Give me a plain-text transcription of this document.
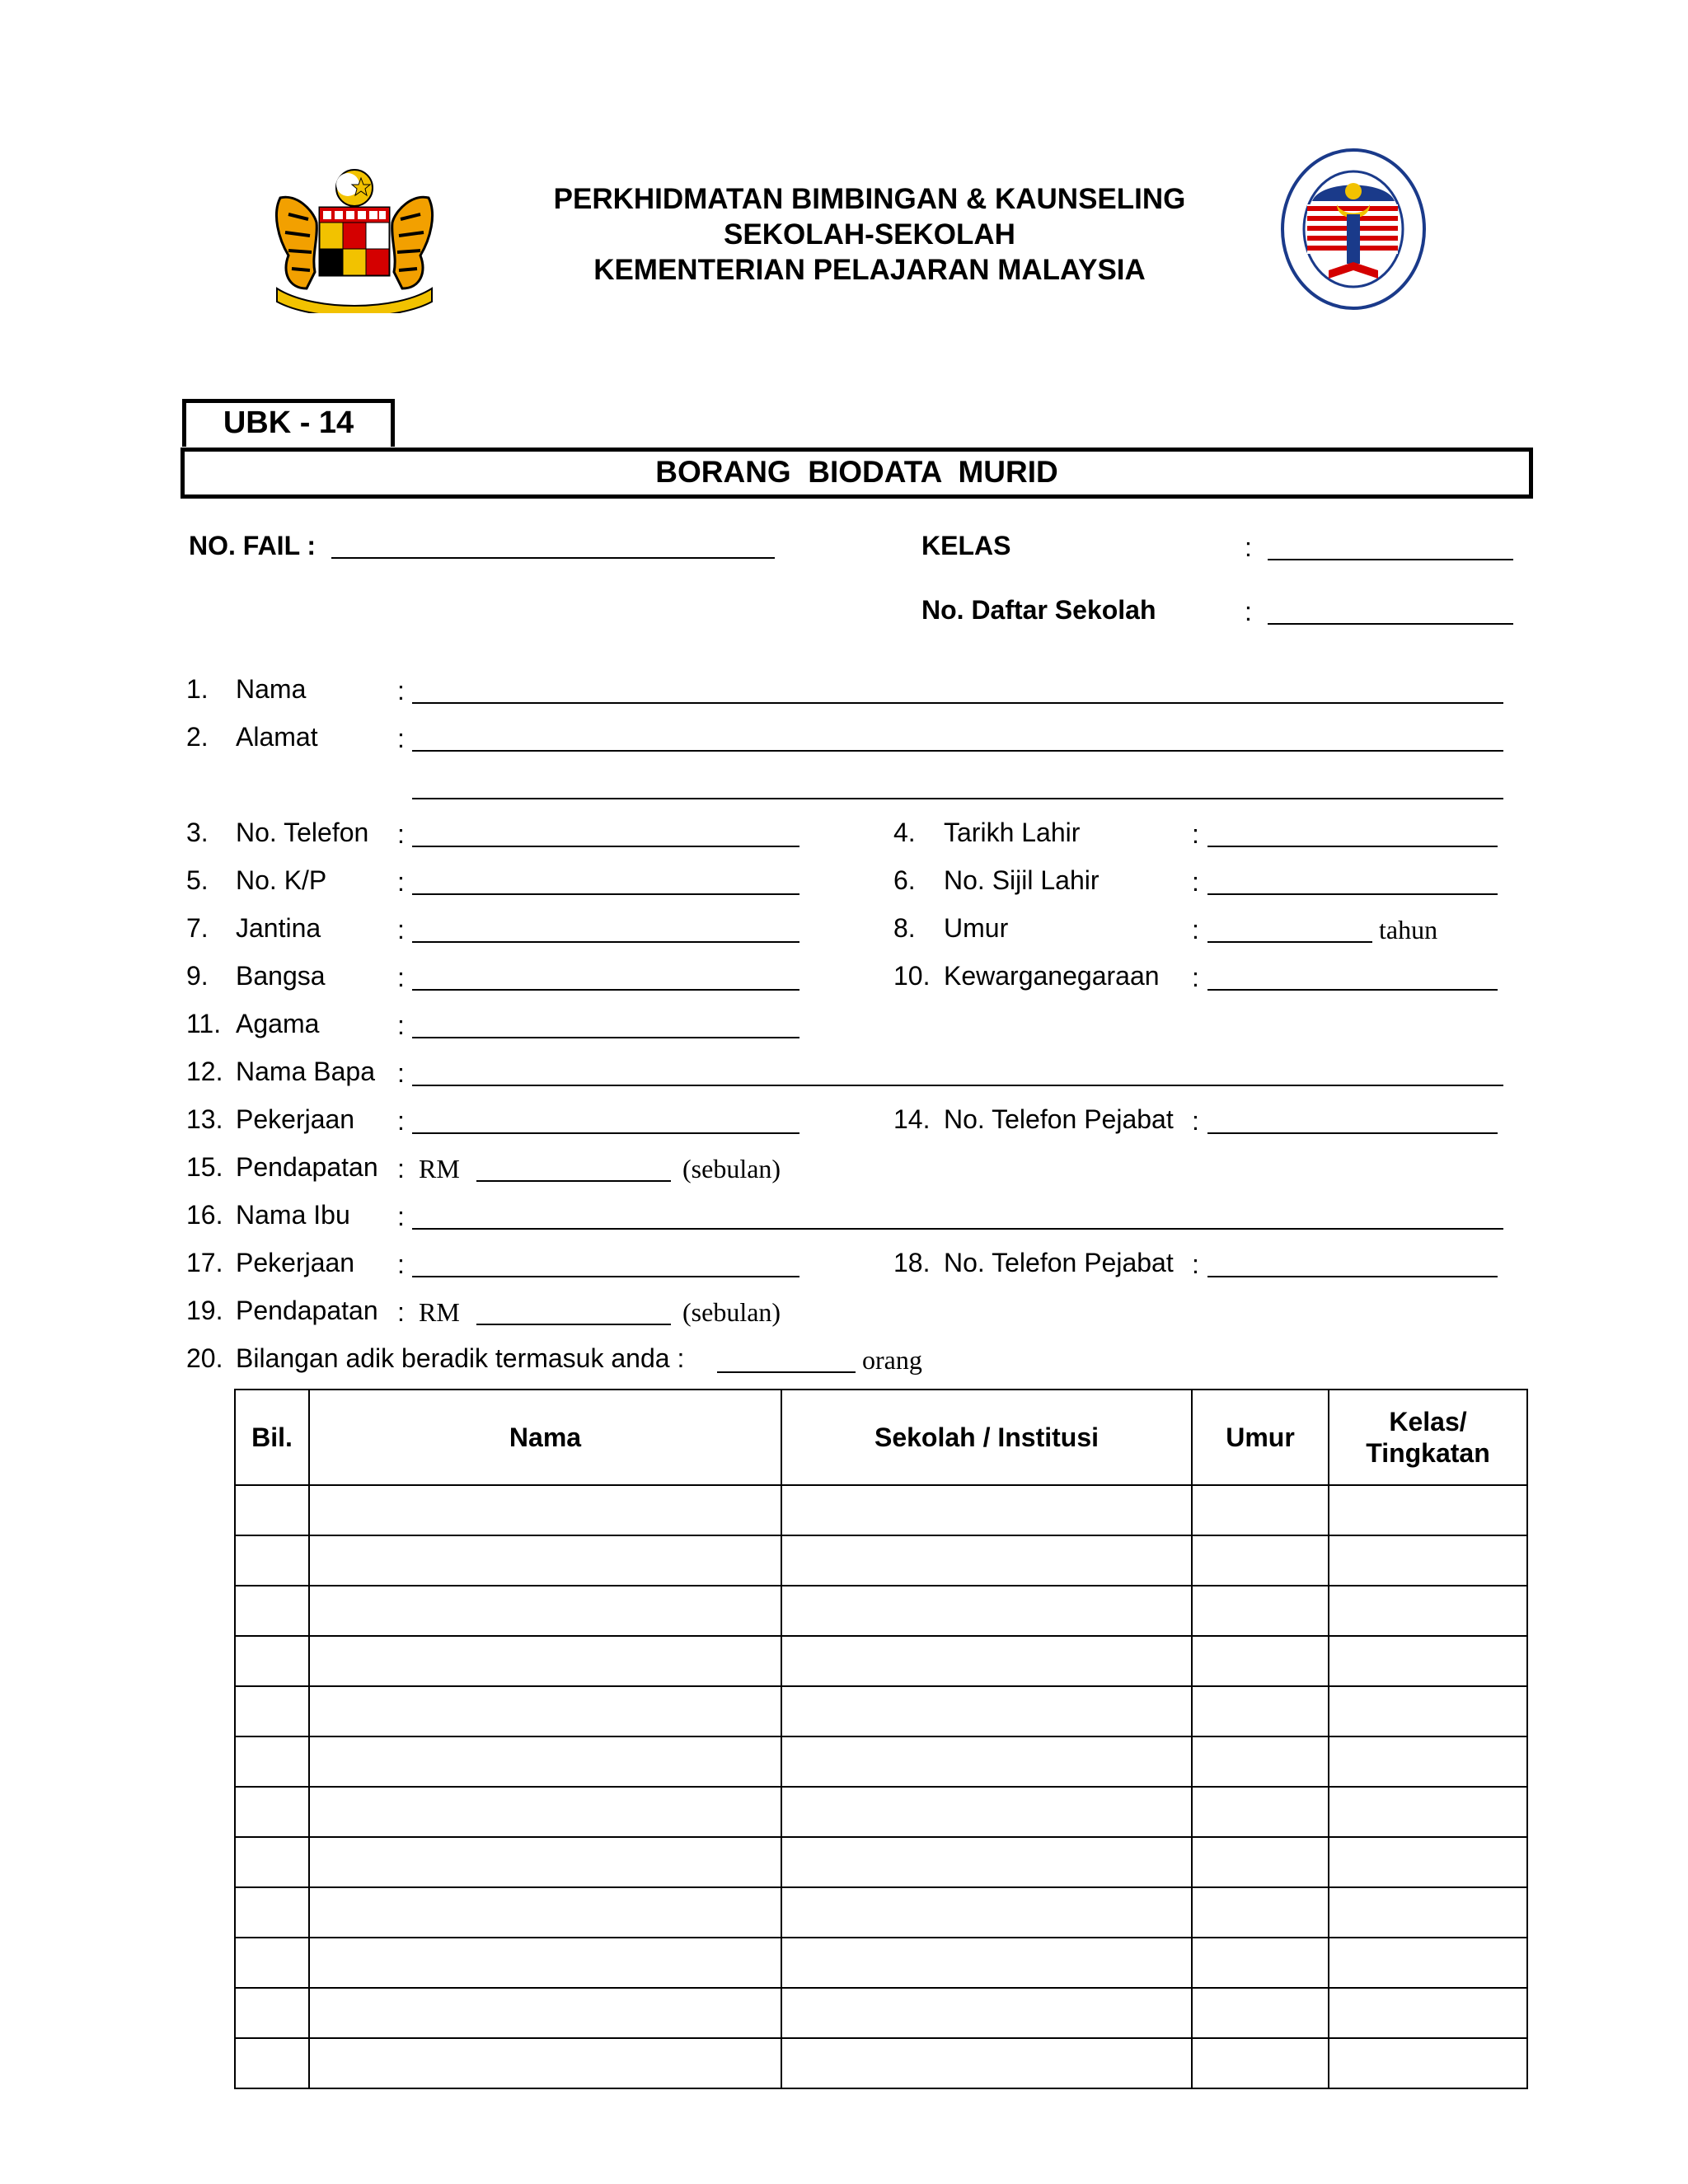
PERKHIDMATAN BIMBINGAN & KAUNSELING
SEKOLAH-SEKOLAH
KEMENTERIAN PELAJARAN MALAYSIA
UBK - 14
BORANG  BIODATA  MURID
NO. FAIL :	KELAS	:
No. Daftar Sekolah	:
1. Nama	:
2. Alamat	:
3. No. Telefon :	4. Tarikh Lahir	:
5. No. K/P	:	6. No. Sijil Lahir	:
7. Jantina	:	8. Umur	:	tahun
9. Bangsa	:	10. Kewarganegaraan :
11. Agama	:
12. Nama Bapa :
13. Pekerjaan :	14. No. Telefon Pejabat :
15. Pendapatan : RM	(sebulan)
16. Nama Ibu :
17. Pekerjaan :	18. No. Telefon Pejabat :
19. Pendapatan : RM	(sebulan)
20. Bilangan adik beradik termasuk anda :	orang
Bil.	Nama	Sekolah / Institusi	Umur	Kelas/ Tingkatan
